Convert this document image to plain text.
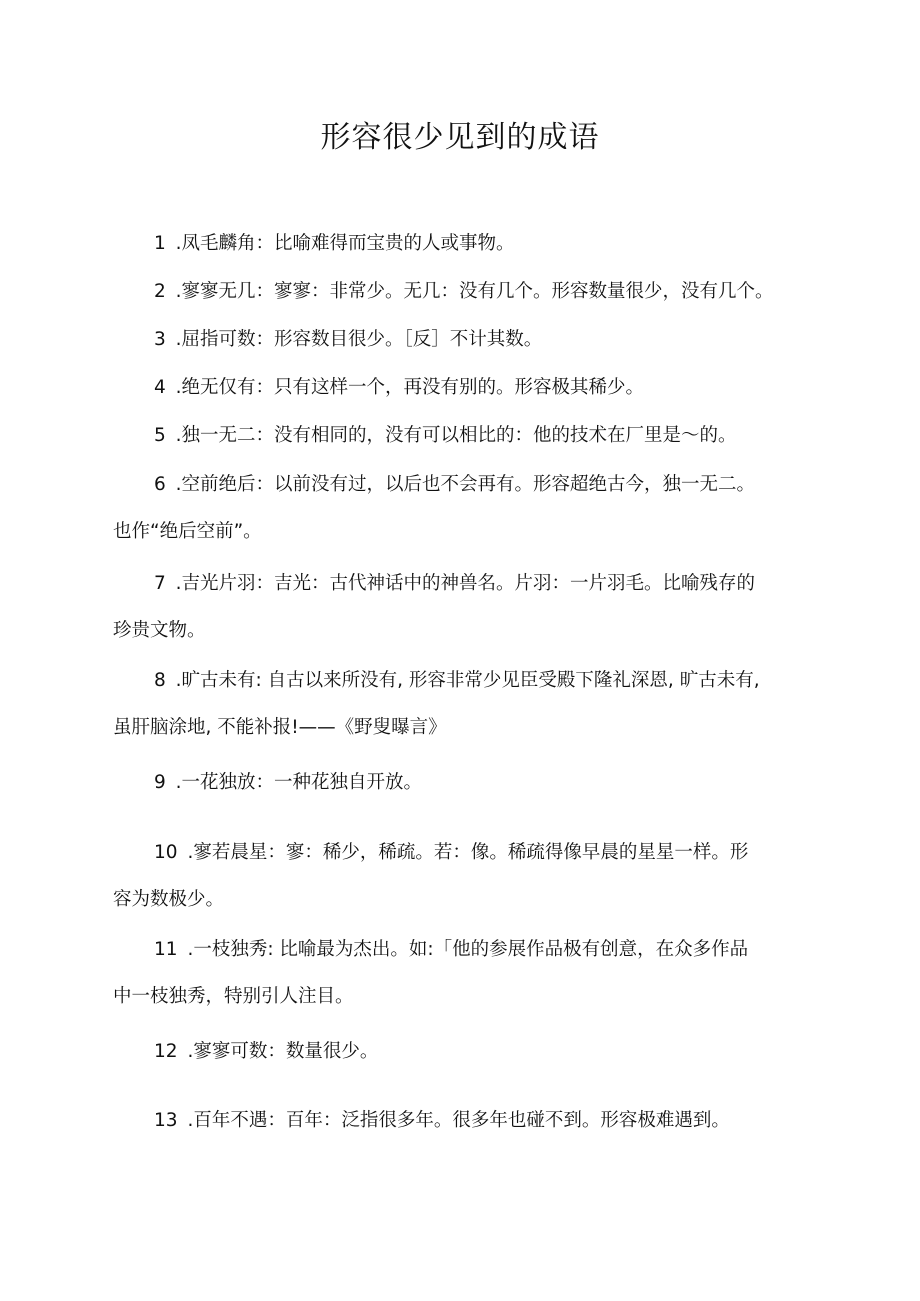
形容很少见到的成语
1 .凤毛麟角：比喻难得而宝贵的人或事物。
2 .寥寥无几：寥寥：非常少。无几：没有几个。形容数量很少，没有几个。
3 .屈指可数：形容数目很少。［反］不计其数。
4 .绝无仅有：只有这样一个，再没有别的。形容极其稀少。
5 .独一无二：没有相同的，没有可以相比的：他的技术在厂里是～的。
6 .空前绝后：以前没有过，以后也不会再有。形容超绝古今，独一无二。
也作“绝后空前”。
7 .吉光片羽：吉光：古代神话中的神兽名。片羽：一片羽毛。比喻残存的
珍贵文物。
8 .旷古未有: 自古以来所没有, 形容非常少见臣受殿下隆礼深恩, 旷古未有,
虽肝脑涂地, 不能补报!——《野叟曝言》
9 .一花独放：一种花独自开放。
10 .寥若晨星：寥：稀少，稀疏。若：像。稀疏得像早晨的星星一样。形
容为数极少。
11 .一枝独秀: 比喻最为杰出。如:「他的参展作品极有创意，在众多作品
中一枝独秀，特别引人注目。
12 .寥寥可数：数量很少。
13 .百年不遇：百年：泛指很多年。很多年也碰不到。形容极难遇到。
